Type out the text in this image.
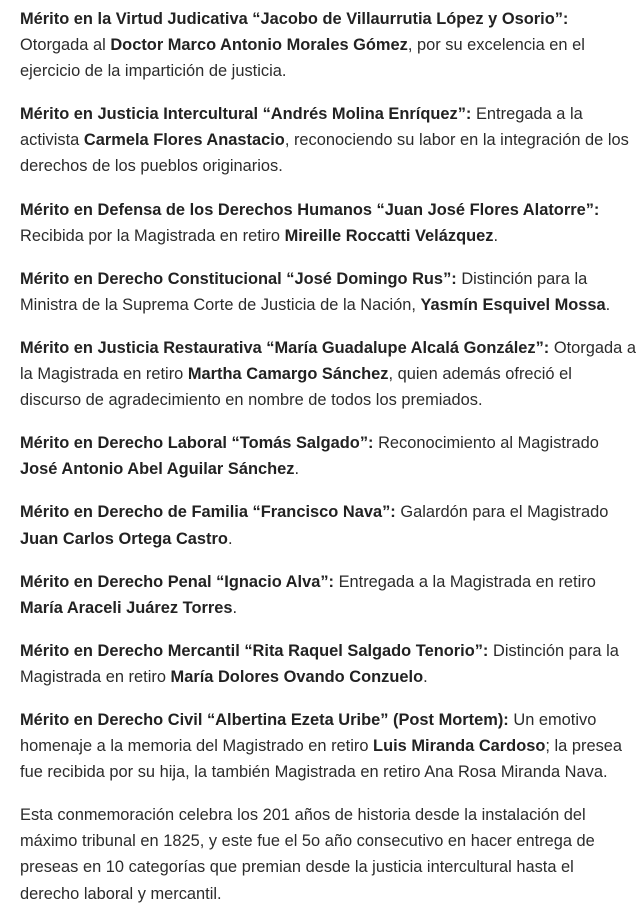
Mérito en la Virtud Judicativa “Jacobo de Villaurrutia López y Osorio”: Otorgada al Doctor Marco Antonio Morales Gómez, por su excelencia en el ejercicio de la impartición de justicia.

Mérito en Justicia Intercultural “Andrés Molina Enríquez”: Entregada a la activista Carmela Flores Anastacio, reconociendo su labor en la integración de los derechos de los pueblos originarios.

Mérito en Defensa de los Derechos Humanos “Juan José Flores Alatorre”: Recibida por la Magistrada en retiro Mireille Roccatti Velázquez.

Mérito en Derecho Constitucional “José Domingo Rus”: Distinción para la Ministra de la Suprema Corte de Justicia de la Nación, Yasmín Esquivel Mossa.

Mérito en Justicia Restaurativa “María Guadalupe Alcalá González”: Otorgada a la Magistrada en retiro Martha Camargo Sánchez, quien además ofreció el discurso de agradecimiento en nombre de todos los premiados.

Mérito en Derecho Laboral “Tomás Salgado”: Reconocimiento al Magistrado José Antonio Abel Aguilar Sánchez.

Mérito en Derecho de Familia “Francisco Nava”: Galardón para el Magistrado Juan Carlos Ortega Castro.

Mérito en Derecho Penal “Ignacio Alva”: Entregada a la Magistrada en retiro María Araceli Juárez Torres.

Mérito en Derecho Mercantil “Rita Raquel Salgado Tenorio”: Distinción para la Magistrada en retiro María Dolores Ovando Conzuelo.

Mérito en Derecho Civil “Albertina Ezeta Uribe” (Post Mortem): Un emotivo homenaje a la memoria del Magistrado en retiro Luis Miranda Cardoso; la presea fue recibida por su hija, la también Magistrada en retiro Ana Rosa Miranda Nava.

Esta conmemoración celebra los 201 años de historia desde la instalación del máximo tribunal en 1825, y este fue el 5o año consecutivo en hacer entrega de preseas en 10 categorías que premian desde la justicia intercultural hasta el derecho laboral y mercantil.
